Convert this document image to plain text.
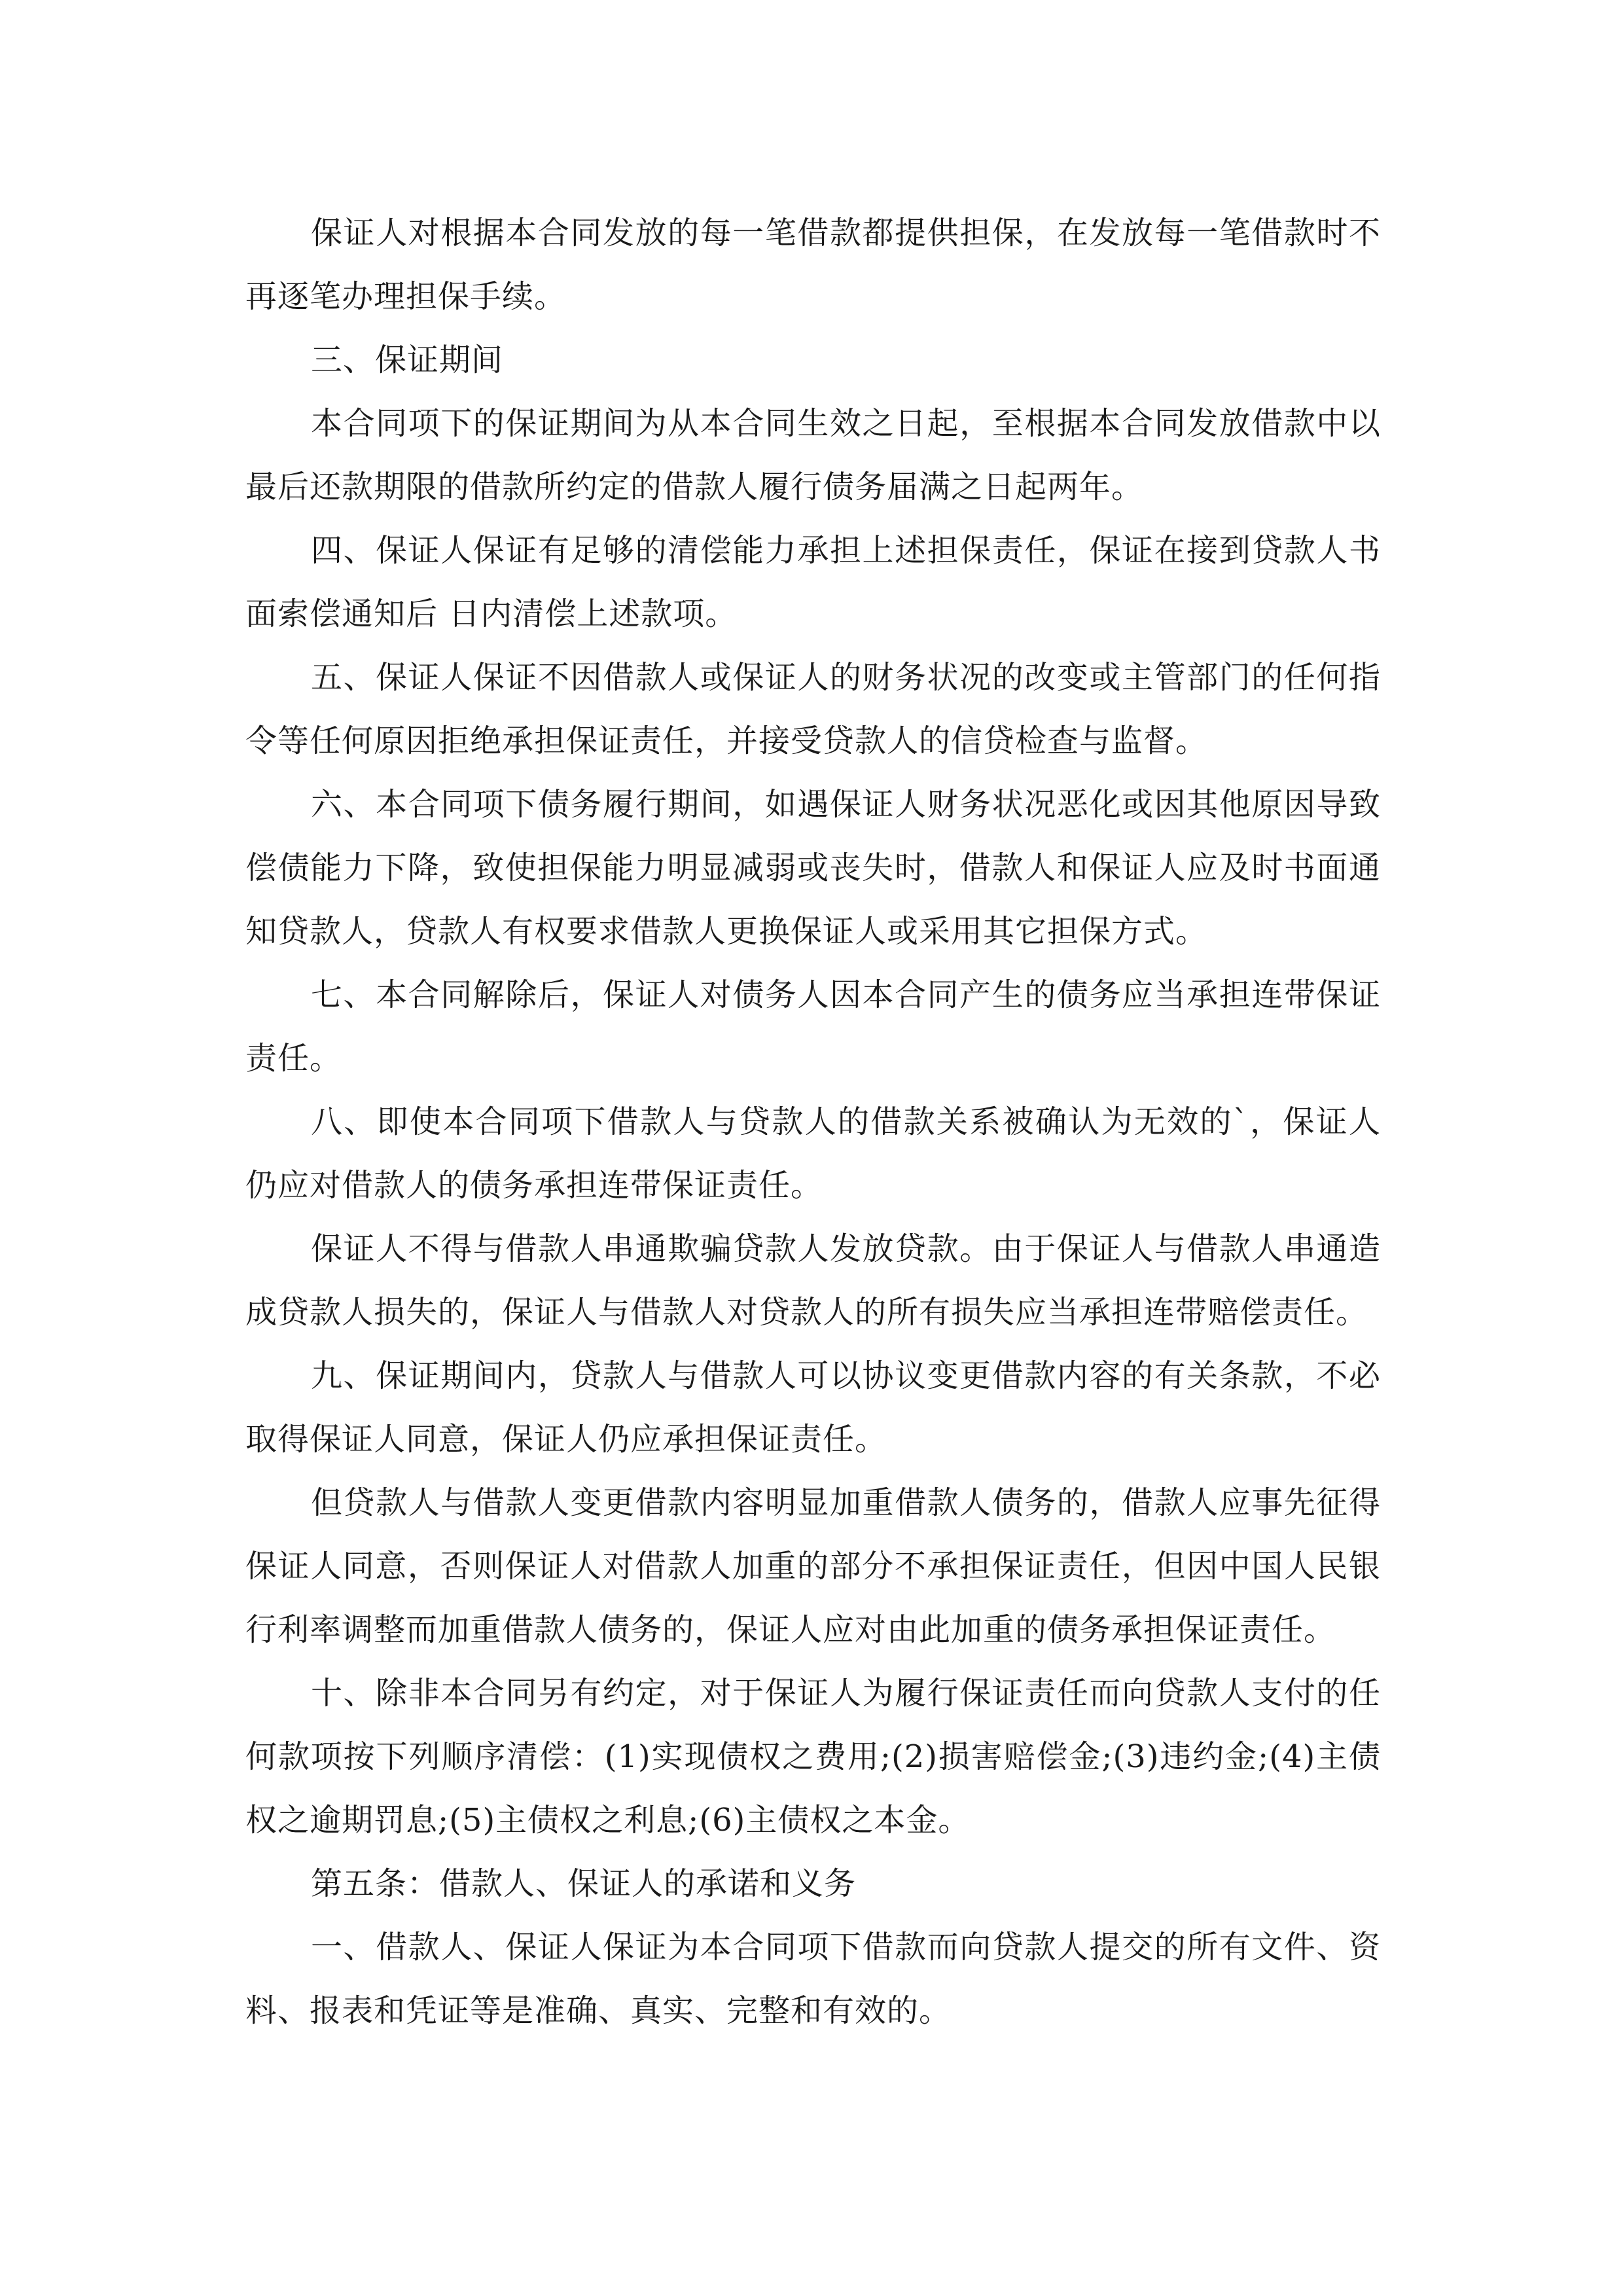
保证人对根据本合同发放的每一笔借款都提供担保，在发放每一笔借款时不再逐笔办理担保手续。

三、保证期间

本合同项下的保证期间为从本合同生效之日起，至根据本合同发放借款中以最后还款期限的借款所约定的借款人履行债务届满之日起两年。

四、保证人保证有足够的清偿能力承担上述担保责任，保证在接到贷款人书面索偿通知后 日内清偿上述款项。

五、保证人保证不因借款人或保证人的财务状况的改变或主管部门的任何指令等任何原因拒绝承担保证责任，并接受贷款人的信贷检查与监督。

六、本合同项下债务履行期间，如遇保证人财务状况恶化或因其他原因导致偿债能力下降，致使担保能力明显减弱或丧失时，借款人和保证人应及时书面通知贷款人，贷款人有权要求借款人更换保证人或采用其它担保方式。

七、本合同解除后，保证人对债务人因本合同产生的债务应当承担连带保证责任。

八、即使本合同项下借款人与贷款人的借款关系被确认为无效的`，保证人仍应对借款人的债务承担连带保证责任。

保证人不得与借款人串通欺骗贷款人发放贷款。由于保证人与借款人串通造成贷款人损失的，保证人与借款人对贷款人的所有损失应当承担连带赔偿责任。

九、保证期间内，贷款人与借款人可以协议变更借款内容的有关条款，不必取得保证人同意，保证人仍应承担保证责任。

但贷款人与借款人变更借款内容明显加重借款人债务的，借款人应事先征得保证人同意，否则保证人对借款人加重的部分不承担保证责任，但因中国人民银行利率调整而加重借款人债务的，保证人应对由此加重的债务承担保证责任。

十、除非本合同另有约定，对于保证人为履行保证责任而向贷款人支付的任何款项按下列顺序清偿：(1)实现债权之费用;(2)损害赔偿金;(3)违约金;(4)主债权之逾期罚息;(5)主债权之利息;(6)主债权之本金。

第五条：借款人、保证人的承诺和义务

一、借款人、保证人保证为本合同项下借款而向贷款人提交的所有文件、资料、报表和凭证等是准确、真实、完整和有效的。
